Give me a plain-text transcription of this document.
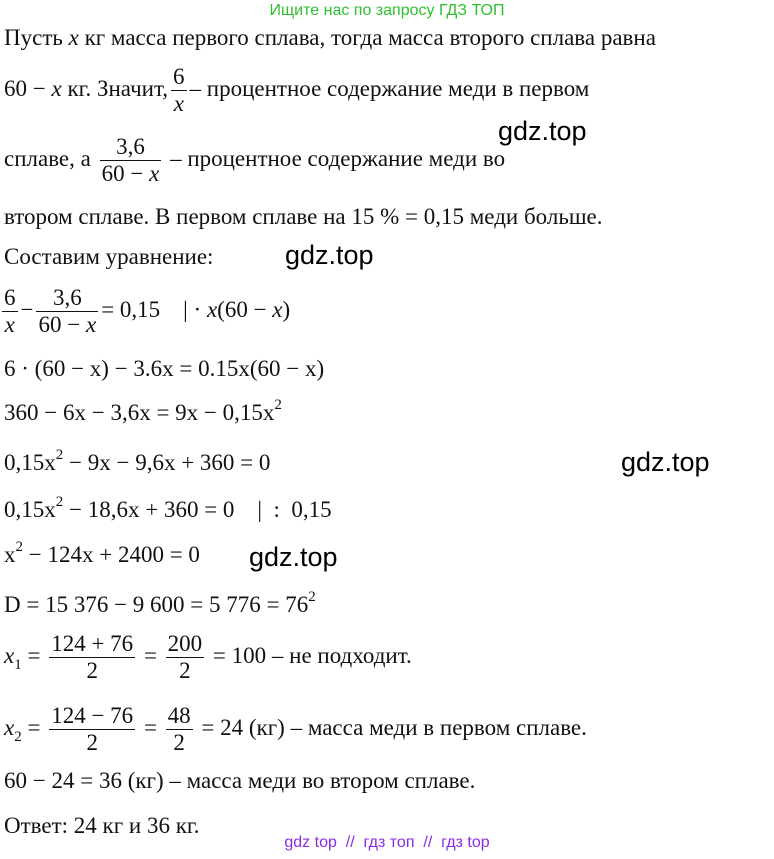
Ищите нас по запросу ГДЗ ТОП
Пусть x кг масса первого сплава, тогда масса второго сплава равна
60 − x кг. Значит, $\frac{6}{x}$ – процентное содержание меди в первом
gdz.top
сплаве, а $\frac{3,6}{60 - x}$ – процентное содержание меди во
втором сплаве. В первом сплаве на 15 % = 0,15 меди больше.
Составим уравнение:	gdz.top
$\frac{6}{x} - \frac{3,6}{60 - x} = 0,15$    | · x(60 − x)
6 · (60 − x) − 3.6x = 0.15x(60 − x)
$360 - 6x - 3,6x = 9x - 0,15x^2$
$0,15x^2 - 9x - 9,6x + 360 = 0$	gdz.top
$0,15x^2 - 18,6x + 360 = 0$    |  :  0,15
$x^2 - 124x + 2400 = 0$ gdz.top
D = 15 376 − 9 600 = 5 $776 = 76^2$
$x_1 = \frac{124 + 76}{2} = \frac{200}{2} = 100$ – не подходит.
$x_2 = \frac{124 - 76}{2} = \frac{48}{2} = 24$ (кг) – масса меди в первом сплаве.
60 − 24 = 36 (кг) – масса меди во втором сплаве.
Ответ: 24 кг и 36 кг.
gdz top  //  гдз топ  //  гдз top
